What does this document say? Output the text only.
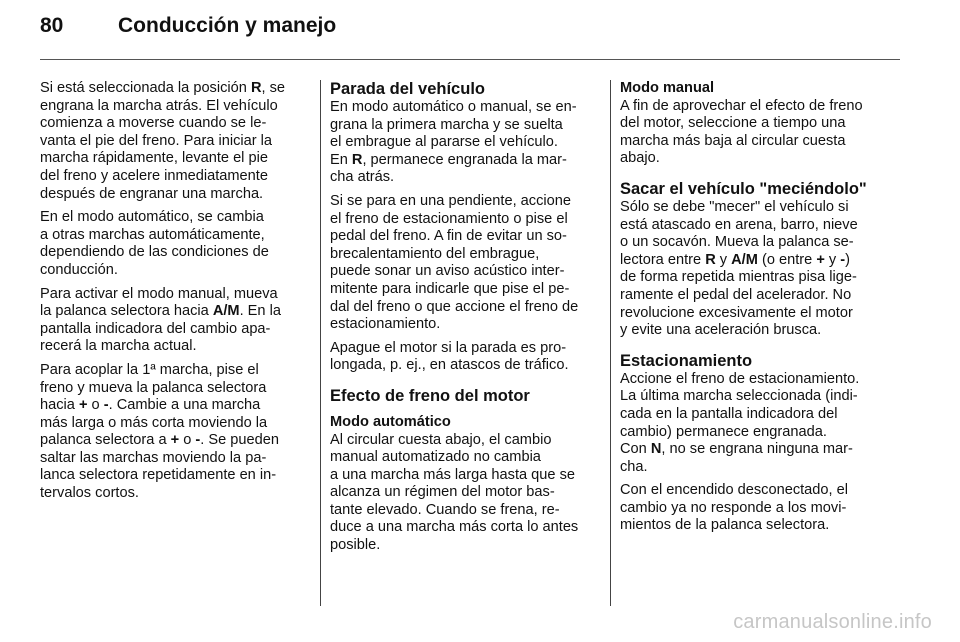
80	Conducción y manejo

Si está seleccionada la posición R, se
engrana la marcha atrás. El vehículo
comienza a moverse cuando se le-
vanta el pie del freno. Para iniciar la
marcha rápidamente, levante el pie
del freno y acelere inmediatamente
después de engranar una marcha.

En el modo automático, se cambia
a otras marchas automáticamente,
dependiendo de las condiciones de
conducción.

Para activar el modo manual, mueva
la palanca selectora hacia A/M. En la
pantalla indicadora del cambio apa-
recerá la marcha actual.

Para acoplar la 1ª marcha, pise el
freno y mueva la palanca selectora
hacia + o -. Cambie a una marcha
más larga o más corta moviendo la
palanca selectora a + o -. Se pueden
saltar las marchas moviendo la pa-
lanca selectora repetidamente en in-
tervalos cortos.

Parada del vehículo

En modo automático o manual, se en-
grana la primera marcha y se suelta
el embrague al pararse el vehículo.
En R, permanece engranada la mar-
cha atrás.

Si se para en una pendiente, accione
el freno de estacionamiento o pise el
pedal del freno. A fin de evitar un so-
brecalentamiento del embrague,
puede sonar un aviso acústico inter-
mitente para indicarle que pise el pe-
dal del freno o que accione el freno de
estacionamiento.

Apague el motor si la parada es pro-
longada, p. ej., en atascos de tráfico.

Efecto de freno del motor
Modo automático

Al circular cuesta abajo, el cambio
manual automatizado no cambia
a una marcha más larga hasta que se
alcanza un régimen del motor bas-
tante elevado. Cuando se frena, re-
duce a una marcha más corta lo antes
posible.

Modo manual

A fin de aprovechar el efecto de freno
del motor, seleccione a tiempo una
marcha más baja al circular cuesta
abajo.

Sacar el vehículo "meciéndolo"

Sólo se debe "mecer" el vehículo si
está atascado en arena, barro, nieve
o un socavón. Mueva la palanca se-
lectora entre R y A/M (o entre + y -)
de forma repetida mientras pisa lige-
ramente el pedal del acelerador. No
revolucione excesivamente el motor
y evite una aceleración brusca.

Estacionamiento

Accione el freno de estacionamiento.
La última marcha seleccionada (indi-
cada en la pantalla indicadora del
cambio) permanece engranada.
Con N, no se engrana ninguna mar-
cha.

Con el encendido desconectado, el
cambio ya no responde a los movi-
mientos de la palanca selectora.

carmanualsonline.info
